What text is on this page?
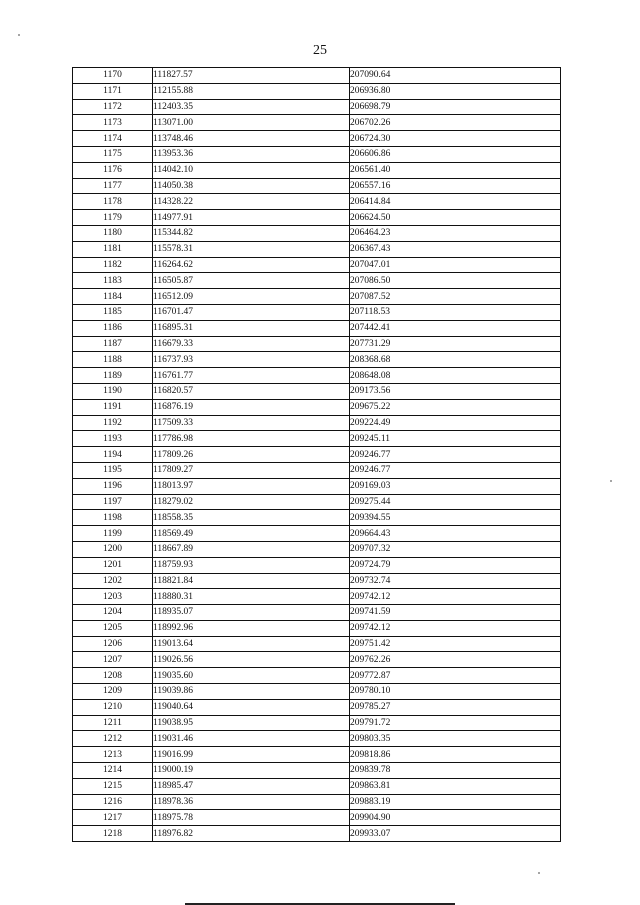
25
1170	111827.57	207090.64
1171	112155.88	206936.80
1172	112403.35	206698.79
1173	113071.00	206702.26
1174	113748.46	206724.30
1175	113953.36	206606.86
1176	114042.10	206561.40
1177	114050.38	206557.16
1178	114328.22	206414.84
1179	114977.91	206624.50
1180	115344.82	206464.23
1181	115578.31	206367.43
1182	116264.62	207047.01
1183	116505.87	207086.50
1184	116512.09	207087.52
1185	116701.47	207118.53
1186	116895.31	207442.41
1187	116679.33	207731.29
1188	116737.93	208368.68
1189	116761.77	208648.08
1190	116820.57	209173.56
1191	116876.19	209675.22
1192	117509.33	209224.49
1193	117786.98	209245.11
1194	117809.26	209246.77
1195	117809.27	209246.77
1196	118013.97	209169.03
1197	118279.02	209275.44
1198	118558.35	209394.55
1199	118569.49	209664.43
1200	118667.89	209707.32
1201	118759.93	209724.79
1202	118821.84	209732.74
1203	118880.31	209742.12
1204	118935.07	209741.59
1205	118992.96	209742.12
1206	119013.64	209751.42
1207	119026.56	209762.26
1208	119035.60	209772.87
1209	119039.86	209780.10
1210	119040.64	209785.27
1211	119038.95	209791.72
1212	119031.46	209803.35
1213	119016.99	209818.86
1214	119000.19	209839.78
1215	118985.47	209863.81
1216	118978.36	209883.19
1217	118975.78	209904.90
1218	118976.82	209933.07
